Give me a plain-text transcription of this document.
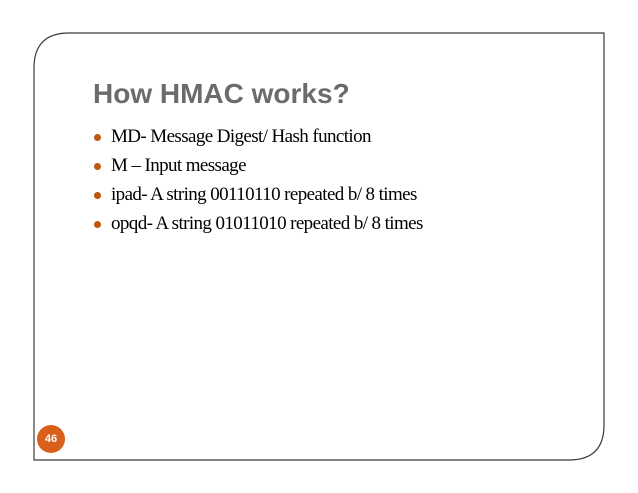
How HMAC works?
MD- Message Digest/ Hash function
M – Input message
ipad- A string 00110110 repeated b/ 8 times
opqd- A string 01011010 repeated b/ 8 times
46
